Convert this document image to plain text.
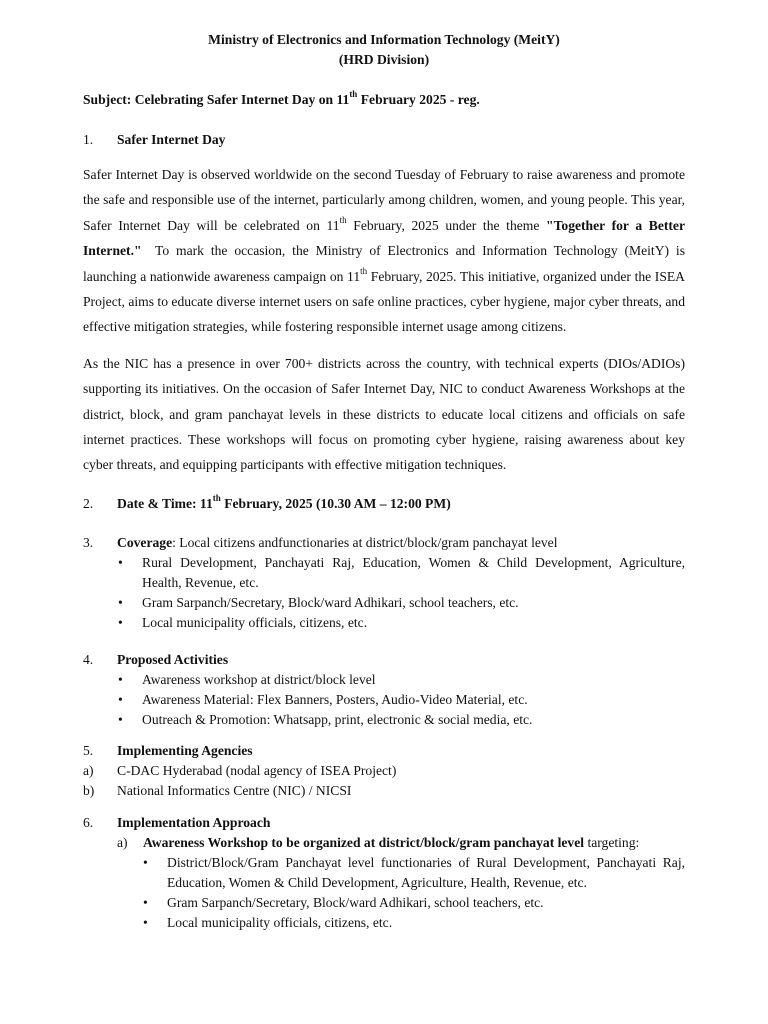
Ministry of Electronics and Information Technology (MeitY)
(HRD Division)
Subject: Celebrating Safer Internet Day on 11th February 2025 - reg.
1.	Safer Internet Day

Safer Internet Day is observed worldwide on the second Tuesday of February to raise awareness and promote the safe and responsible use of the internet, particularly among children, women, and young people. This year, Safer Internet Day will be celebrated on 11th February, 2025 under the theme "Together for a Better Internet."  To mark the occasion, the Ministry of Electronics and Information Technology (MeitY) is launching a nationwide awareness campaign on 11th February, 2025. This initiative, organized under the ISEA Project, aims to educate diverse internet users on safe online practices, cyber hygiene, major cyber threats, and effective mitigation strategies, while fostering responsible internet usage among citizens.

As the NIC has a presence in over 700+ districts across the country, with technical experts (DIOs/ADIOs) supporting its initiatives. On the occasion of Safer Internet Day, NIC to conduct Awareness Workshops at the district, block, and gram panchayat levels in these districts to educate local citizens and officials on safe internet practices. These workshops will focus on promoting cyber hygiene, raising awareness about key cyber threats, and equipping participants with effective mitigation techniques.

2.	Date & Time: 11th February, 2025 (10.30 AM – 12:00 PM)
3.	Coverage: Local citizens andfunctionaries at district/block/gram panchayat level
• Rural Development, Panchayati Raj, Education, Women & Child Development, Agriculture, Health, Revenue, etc.
• Gram Sarpanch/Secretary, Block/ward Adhikari, school teachers, etc.
• Local municipality officials, citizens, etc.
4.	Proposed Activities
• Awareness workshop at district/block level
• Awareness Material: Flex Banners, Posters, Audio-Video Material, etc.
• Outreach & Promotion: Whatsapp, print, electronic & social media, etc.
5.	Implementing Agencies
a)	C-DAC Hyderabad (nodal agency of ISEA Project)
b)	National Informatics Centre (NIC) / NICSI
6.	Implementation Approach
a)	Awareness Workshop to be organized at district/block/gram panchayat level targeting:
• District/Block/Gram Panchayat level functionaries of Rural Development, Panchayati Raj, Education, Women & Child Development, Agriculture, Health, Revenue, etc.
• Gram Sarpanch/Secretary, Block/ward Adhikari, school teachers, etc.
• Local municipality officials, citizens, etc.
